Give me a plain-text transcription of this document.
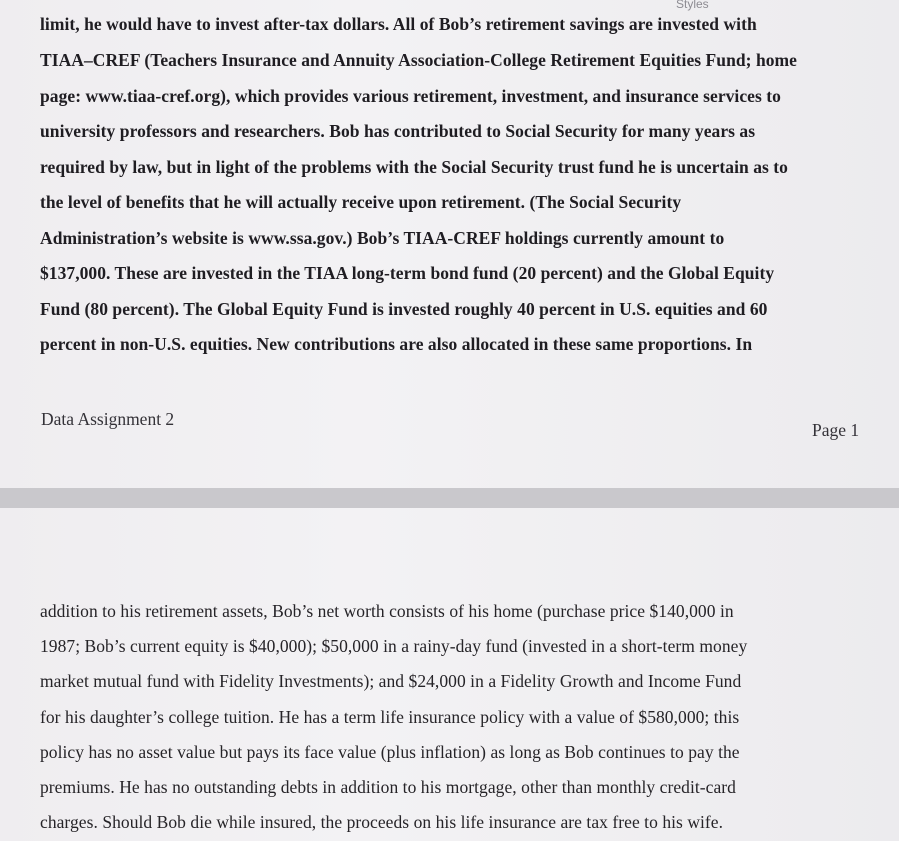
Styles
limit, he would have to invest after-tax dollars. All of Bob’s retirement savings are invested with
TIAA–CREF (Teachers Insurance and Annuity Association-College Retirement Equities Fund; home
page: www.tiaa-cref.org), which provides various retirement, investment, and insurance services to
university professors and researchers. Bob has contributed to Social Security for many years as
required by law, but in light of the problems with the Social Security trust fund he is uncertain as to
the level of benefits that he will actually receive upon retirement. (The Social Security
Administration’s website is www.ssa.gov.) Bob’s TIAA-CREF holdings currently amount to
$137,000. These are invested in the TIAA long-term bond fund (20 percent) and the Global Equity
Fund (80 percent). The Global Equity Fund is invested roughly 40 percent in U.S. equities and 60
percent in non-U.S. equities. New contributions are also allocated in these same proportions. In
Data Assignment 2
Page 1
addition to his retirement assets, Bob’s net worth consists of his home (purchase price $140,000 in
1987; Bob’s current equity is $40,000); $50,000 in a rainy-day fund (invested in a short-term money
market mutual fund with Fidelity Investments); and $24,000 in a Fidelity Growth and Income Fund
for his daughter’s college tuition. He has a term life insurance policy with a value of $580,000; this
policy has no asset value but pays its face value (plus inflation) as long as Bob continues to pay the
premiums. He has no outstanding debts in addition to his mortgage, other than monthly credit-card
charges. Should Bob die while insured, the proceeds on his life insurance are tax free to his wife.
